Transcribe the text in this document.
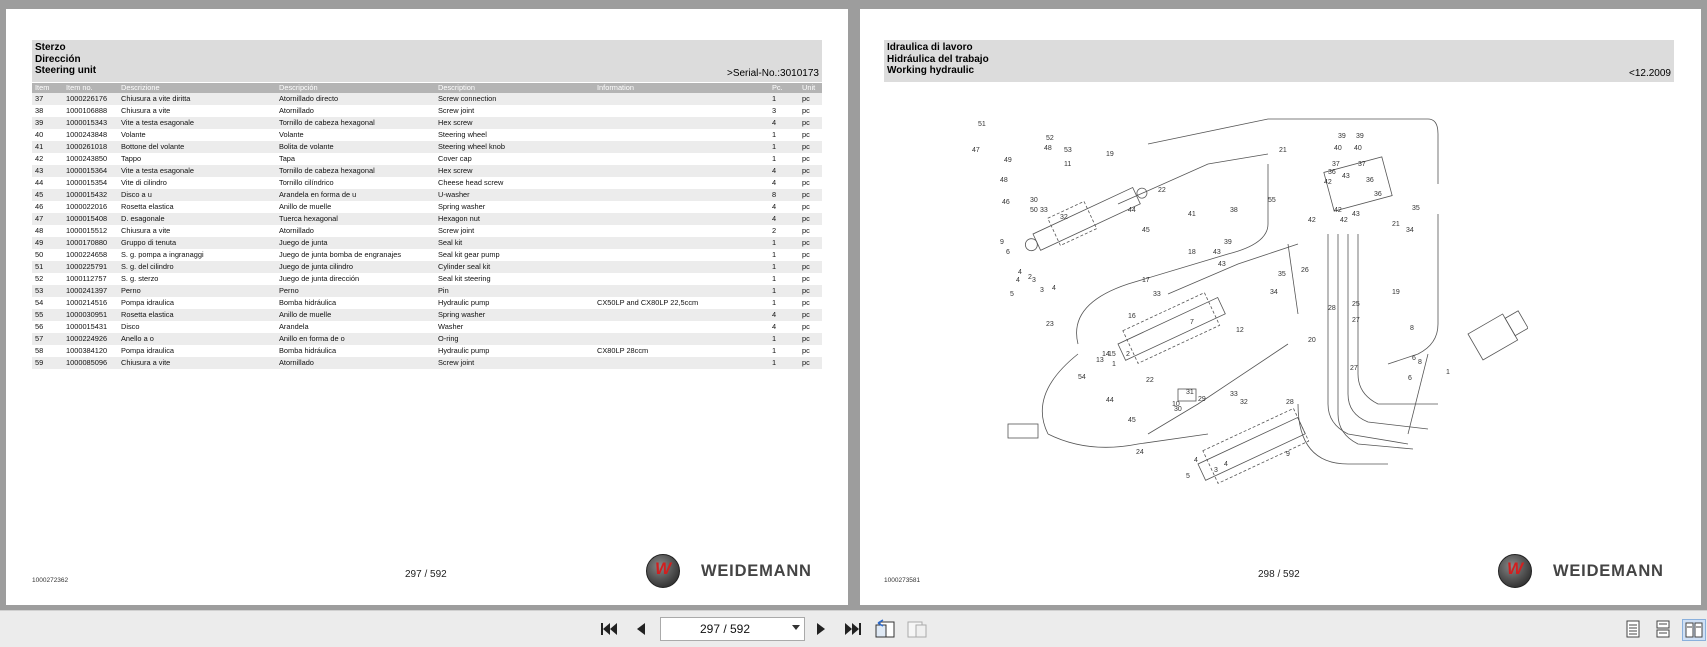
Sterzo
Dirección
Steering unit	>Serial-No.:3010173
Item	Item no.	Descrizione	Descripción	Description	Information	Pc.	Unit
37	1000226176	Chiusura a vite diritta	Atornillado directo	Screw connection		1	pc
38	1000106888	Chiusura a vite	Atornillado	Screw joint		3	pc
39	1000015343	Vite a testa esagonale	Tornillo de cabeza hexagonal	Hex screw		4	pc
40	1000243848	Volante	Volante	Steering wheel		1	pc
41	1000261018	Bottone del volante	Bolita de volante	Steering wheel knob		1	pc
42	1000243850	Tappo	Tapa	Cover cap		1	pc
43	1000015364	Vite a testa esagonale	Tornillo de cabeza hexagonal	Hex screw		4	pc
44	1000015354	Vite di cilindro	Tornillo cilíndrico	Cheese head screw		4	pc
45	1000015432	Disco a u	Arandela en forma de u	U-washer		8	pc
46	1000022016	Rosetta elastica	Anillo de muelle	Spring washer		4	pc
47	1000015408	D. esagonale	Tuerca hexagonal	Hexagon nut		4	pc
48	1000015512	Chiusura a vite	Atornillado	Screw joint		2	pc
49	1000170880	Gruppo di tenuta	Juego de junta	Seal kit		1	pc
50	1000224658	S. g. pompa a ingranaggi	Juego de junta bomba de engranajes	Seal kit gear pump		1	pc
51	1000225791	S. g. del cilindro	Juego de junta cilindro	Cylinder seal kit		1	pc
52	1000112757	S. g. sterzo	Juego de junta dirección	Seal kit steering		1	pc
53	1000241397	Perno	Perno	Pin		1	pc
54	1000214516	Pompa idraulica	Bomba hidráulica	Hydraulic pump	CX50LP and CX80LP 22,5ccm	1	pc
55	1000030951	Rosetta elastica	Anillo de muelle	Spring washer		4	pc
56	1000015431	Disco	Arandela	Washer		4	pc
57	1000224926	Anello a o	Anillo en forma de o	O-ring		1	pc
58	1000384120	Pompa idraulica	Bomba hidráulica	Hydraulic pump	CX80LP 28ccm	1	pc
59	1000085096	Chiusura a vite	Atornillado	Screw joint		1	pc
1000272362
297 / 592	W	WEIDEMANN
Idraulica di lavoro
Hidráulica del trabajo
Working hydraulic	<12.2009
51
47
49
48
46
52
48 53
11
19
21
39 39
40 40
37	37
36
36
42
43
42	42
43
42
36
35
34
21
30
50 33
32
9
6
4
2
3
5
4 3
4
44
45
22
41
38
39
43
18
43
55
35
34
26
28
25
19
17
33
16
7
2
1
13
14
15
54
23
12
44
45
22
10
31
29
30
33
32
24
4
5
3
4
9
20
27
27
8
6
8
6
1
28
1000273581
298 / 592	W	WEIDEMANN
297 / 592
